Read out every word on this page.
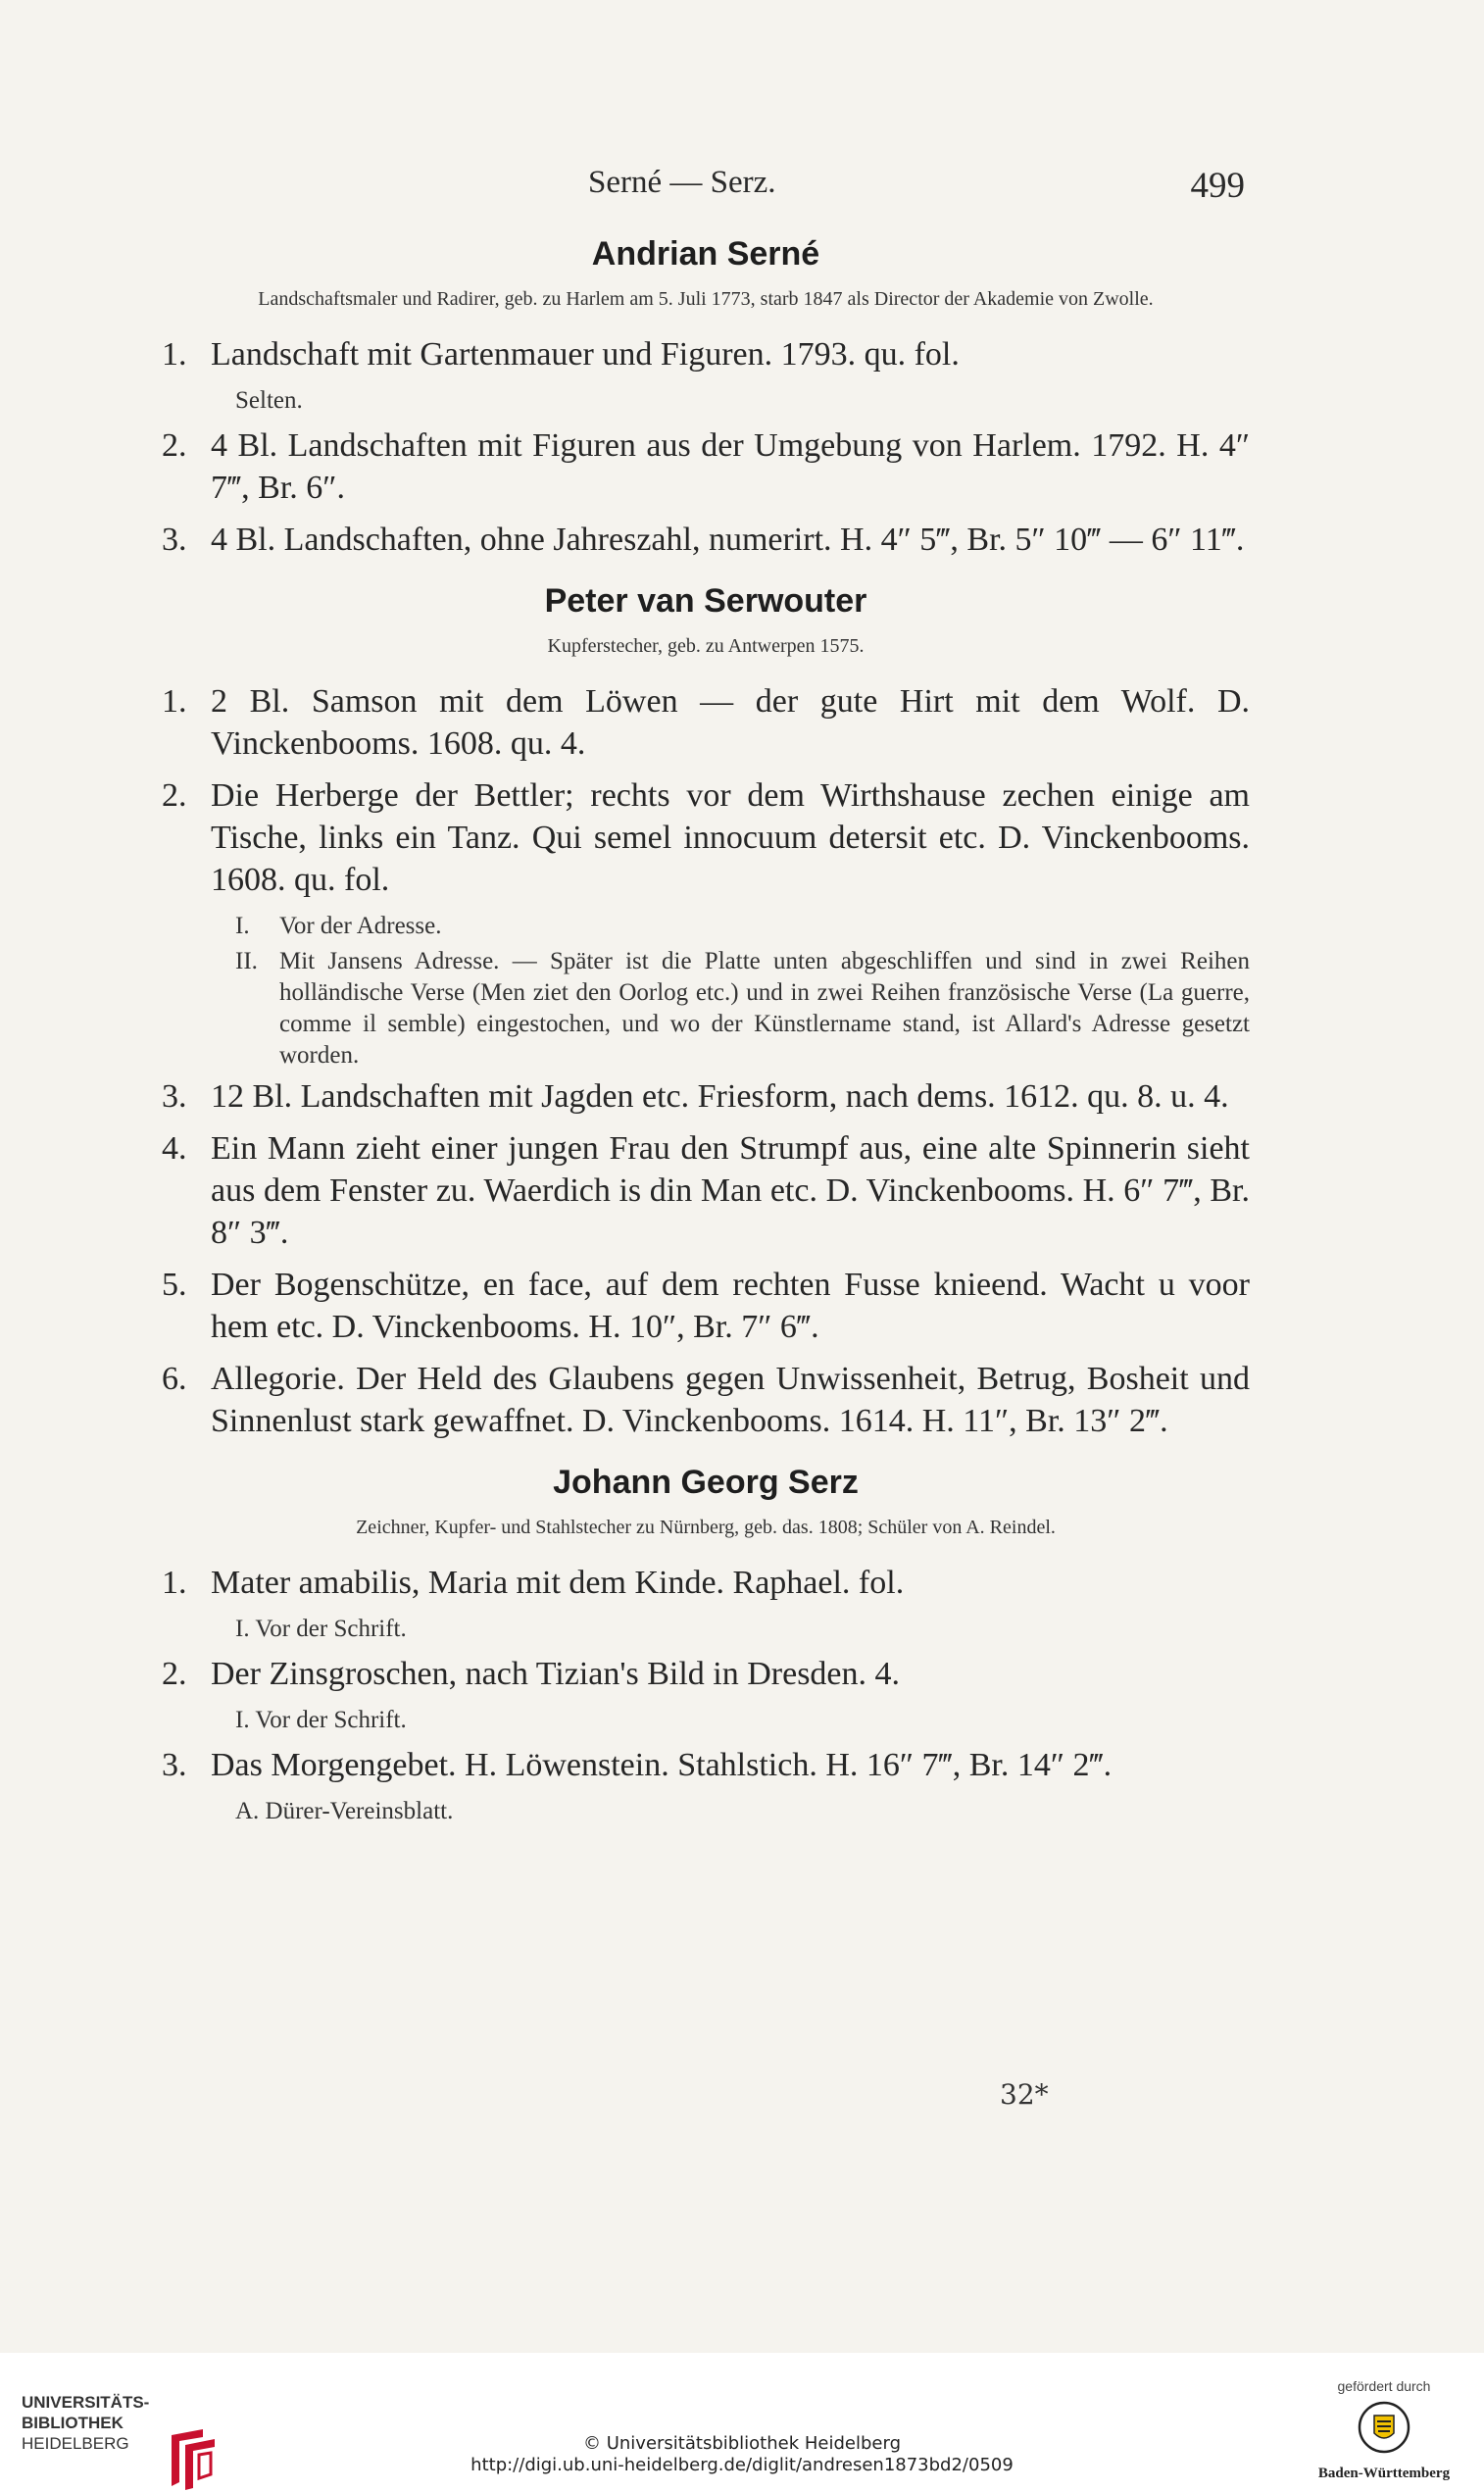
Serné — Serz.	499
Andrian Serné

Landschaftsmaler und Radirer, geb. zu Harlem am 5. Juli 1773, starb 1847 als Director der Akademie von Zwolle.

1. Landschaft mit Gartenmauer und Figuren. 1793. qu. fol.
Selten.
2. 4 Bl. Landschaften mit Figuren aus der Umgebung von Harlem. 1792. H. 4″ 7‴, Br. 6″.
3. 4 Bl. Landschaften, ohne Jahreszahl, numerirt. H. 4″ 5‴, Br. 5″ 10‴ — 6″ 11‴.
Peter van Serwouter

Kupferstecher, geb. zu Antwerpen 1575.

1. 2 Bl. Samson mit dem Löwen — der gute Hirt mit dem Wolf. D. Vinckenbooms. 1608. qu. 4.
2. Die Herberge der Bettler; rechts vor dem Wirthshause zechen einige am Tische, links ein Tanz. Qui semel innocuum detersit etc. D. Vinckenbooms. 1608. qu. fol.
I.	Vor der Adresse.
II. Mit Jansens Adresse. — Später ist die Platte unten abgeschliffen und sind in zwei Reihen holländische Verse (Men ziet den Oorlog etc.) und in zwei Reihen französische Verse (La guerre, comme il semble) eingestochen, und wo der Künstlername stand, ist Allard's Adresse gesetzt worden.
3. 12 Bl. Landschaften mit Jagden etc. Friesform, nach dems. 1612. qu. 8. u. 4.
4. Ein Mann zieht einer jungen Frau den Strumpf aus, eine alte Spinnerin sieht aus dem Fenster zu. Waerdich is din Man etc. D. Vinckenbooms. H. 6″ 7‴, Br. 8″ 3‴.
5. Der Bogenschütze, en face, auf dem rechten Fusse knieend. Wacht u voor hem etc. D. Vinckenbooms. H. 10″, Br. 7″ 6‴.
6. Allegorie. Der Held des Glaubens gegen Unwissenheit, Betrug, Bosheit und Sinnenlust stark gewaffnet. D. Vinckenbooms. 1614. H. 11″, Br. 13″ 2‴.
Johann Georg Serz

Zeichner, Kupfer- und Stahlstecher zu Nürnberg, geb. das. 1808; Schüler von A. Reindel.

1. Mater amabilis, Maria mit dem Kinde. Raphael. fol.
I. Vor der Schrift.
2. Der Zinsgroschen, nach Tizian's Bild in Dresden. 4.
I. Vor der Schrift.
3. Das Morgengebet. H. Löwenstein. Stahlstich. H. 16″ 7‴, Br. 14″ 2‴.
A. Dürer-Vereinsblatt.
32*
UNIVERSITÄTS-
BIBLIOTHEK
HEIDELBERG	© Universitätsbibliothek Heidelberg
http://digi.ub.uni-heidelberg.de/diglit/andresen1873bd2/0509
gefördert durch
Baden-Württemberg
